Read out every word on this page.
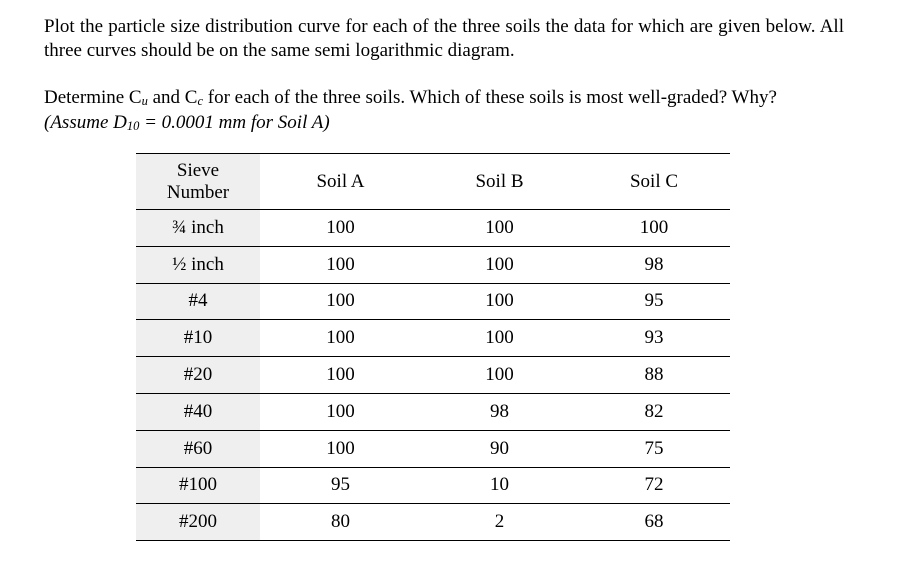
Plot the particle size distribution curve for each of the three soils the data for which are given below. All three curves should be on the same semi logarithmic diagram.
Determine Cu and Cc for each of the three soils. Which of these soils is most well-graded? Why?
(Assume D10 = 0.0001 mm for Soil A)
Sieve
Number	Soil A	Soil B	Soil C
¾ inch	100	100	100
½ inch	100	100	98
#4	100	100	95
#10	100	100	93
#20	100	100	88
#40	100	98	82
#60	100	90	75
#100	95	10	72
#200	80	2	68
